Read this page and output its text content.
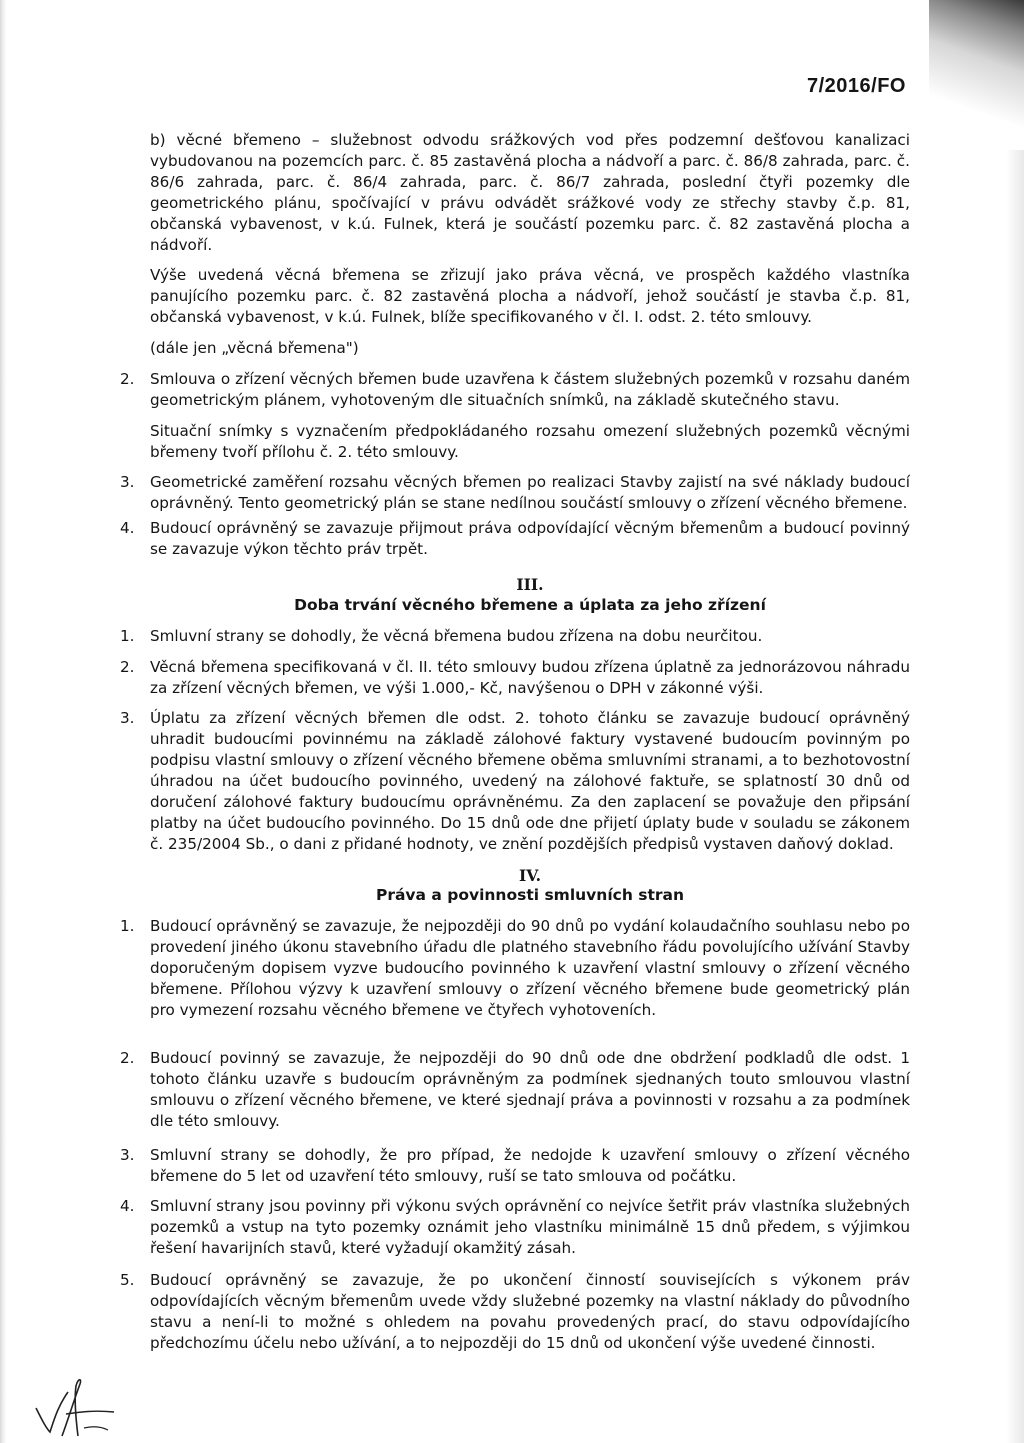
7/2016/FO

b) věcné břemeno – služebnost odvodu srážkových vod přes podzemní dešťovou kanalizaci vybudovanou na pozemcích parc. č. 85 zastavěná plocha a nádvoří a parc. č. 86/8 zahrada, parc. č. 86/6 zahrada, parc. č. 86/4 zahrada, parc. č. 86/7 zahrada, poslední čtyři pozemky dle geometrického plánu, spočívající v právu odvádět srážkové vody ze střechy stavby č.p. 81, občanská vybavenost, v k.ú. Fulnek, která je součástí pozemku parc. č. 82 zastavěná plocha a nádvoří.

Výše uvedená věcná břemena se zřizují jako práva věcná, ve prospěch každého vlastníka panujícího pozemku parc. č. 82 zastavěná plocha a nádvoří, jehož součástí je stavba č.p. 81, občanská vybavenost, v k.ú. Fulnek, blíže specifikovaného v čl. I. odst. 2. této smlouvy.

(dále jen „věcná břemena")

2. Smlouva o zřízení věcných břemen bude uzavřena k částem služebných pozemků v rozsahu daném geometrickým plánem, vyhotoveným dle situačních snímků, na základě skutečného stavu.

Situační snímky s vyznačením předpokládaného rozsahu omezení služebných pozemků věcnými břemeny tvoří přílohu č. 2. této smlouvy.

3. Geometrické zaměření rozsahu věcných břemen po realizaci Stavby zajistí na své náklady budoucí oprávněný. Tento geometrický plán se stane nedílnou součástí smlouvy o zřízení věcného břemene.

4. Budoucí oprávněný se zavazuje přijmout práva odpovídající věcným břemenům a budoucí povinný se zavazuje výkon těchto práv trpět.

III.
Doba trvání věcného břemene a úplata za jeho zřízení
1. Smluvní strany se dohodly, že věcná břemena budou zřízena na dobu neurčitou.

2. Věcná břemena specifikovaná v čl. II. této smlouvy budou zřízena úplatně za jednorázovou náhradu za zřízení věcných břemen, ve výši 1.000,- Kč, navýšenou o DPH v zákonné výši.

3. Úplatu za zřízení věcných břemen dle odst. 2. tohoto článku se zavazuje budoucí oprávněný uhradit budoucími povinnému na základě zálohové faktury vystavené budoucím povinným po podpisu vlastní smlouvy o zřízení věcného břemene oběma smluvními stranami, a to bezhotovostní úhradou na účet budoucího povinného, uvedený na zálohové faktuře, se splatností 30 dnů od doručení zálohové faktury budoucímu oprávněnému. Za den zaplacení se považuje den připsání platby na účet budoucího povinného. Do 15 dnů ode dne přijetí úplaty bude v souladu se zákonem č. 235/2004 Sb., o dani z přidané hodnoty, ve znění pozdějších předpisů vystaven daňový doklad.

IV.
Práva a povinnosti smluvních stran
1. Budoucí oprávněný se zavazuje, že nejpozději do 90 dnů po vydání kolaudačního souhlasu nebo po provedení jiného úkonu stavebního úřadu dle platného stavebního řádu povolujícího užívání Stavby doporučeným dopisem vyzve budoucího povinného k uzavření vlastní smlouvy o zřízení věcného břemene. Přílohou výzvy k uzavření smlouvy o zřízení věcného břemene bude geometrický plán pro vymezení rozsahu věcného břemene ve čtyřech vyhotoveních.

2. Budoucí povinný se zavazuje, že nejpozději do 90 dnů ode dne obdržení podkladů dle odst. 1 tohoto článku uzavře s budoucím oprávněným za podmínek sjednaných touto smlouvou vlastní smlouvu o zřízení věcného břemene, ve které sjednají práva a povinnosti v rozsahu a za podmínek dle této smlouvy.

3. Smluvní strany se dohodly, že pro případ, že nedojde k uzavření smlouvy o zřízení věcného břemene do 5 let od uzavření této smlouvy, ruší se tato smlouva od počátku.

4. Smluvní strany jsou povinny při výkonu svých oprávnění co nejvíce šetřit práv vlastníka služebných pozemků a vstup na tyto pozemky oznámit jeho vlastníku minimálně 15 dnů předem, s výjimkou řešení havarijních stavů, které vyžadují okamžitý zásah.

5. Budoucí oprávněný se zavazuje, že po ukončení činností souvisejících s výkonem práv odpovídajících věcným břemenům uvede vždy služebné pozemky na vlastní náklady do původního stavu a není-li to možné s ohledem na povahu provedených prací, do stavu odpovídajícího předchozímu účelu nebo užívání, a to nejpozději do 15 dnů od ukončení výše uvedené činnosti.
